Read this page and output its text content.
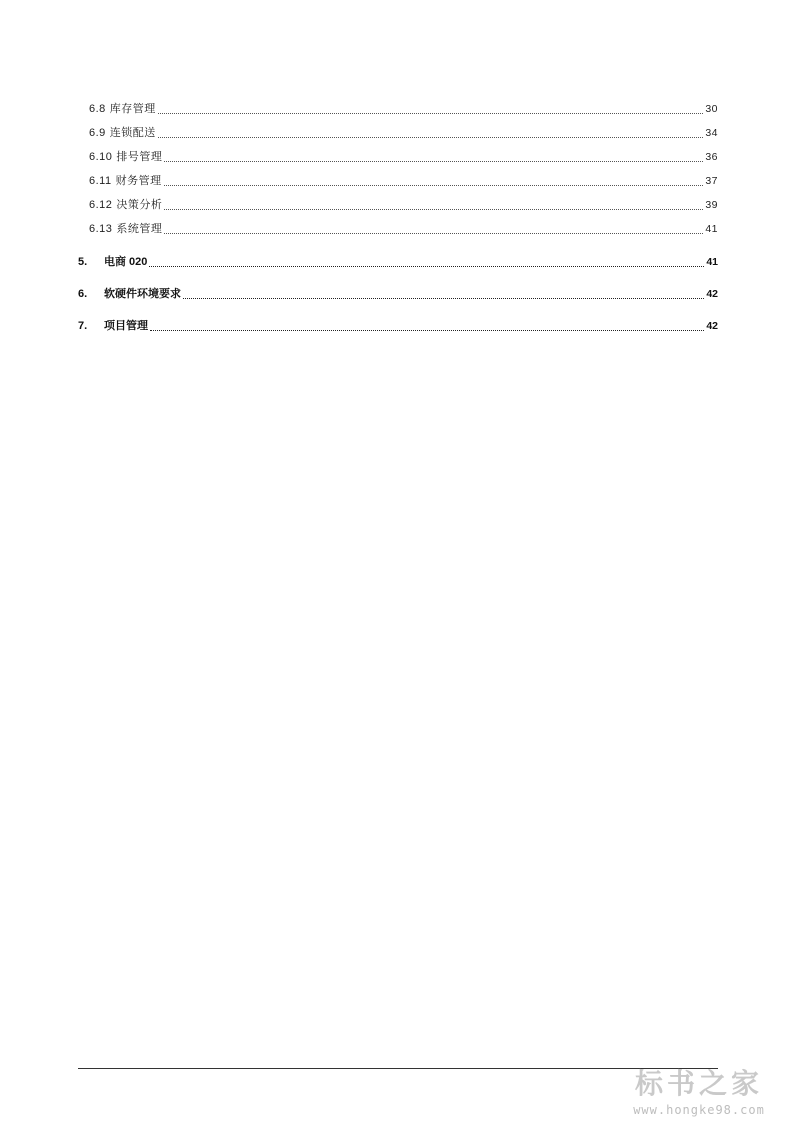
6.8 库存管理	30
6.9 连锁配送	34
6.10 排号管理	36
6.11 财务管理	37
6.12 决策分析	39
6.13 系统管理	41
5.	电商 020	41
6.	软硬件环境要求	42
7.	项目管理	42
标书之家
www.hongke98.com
